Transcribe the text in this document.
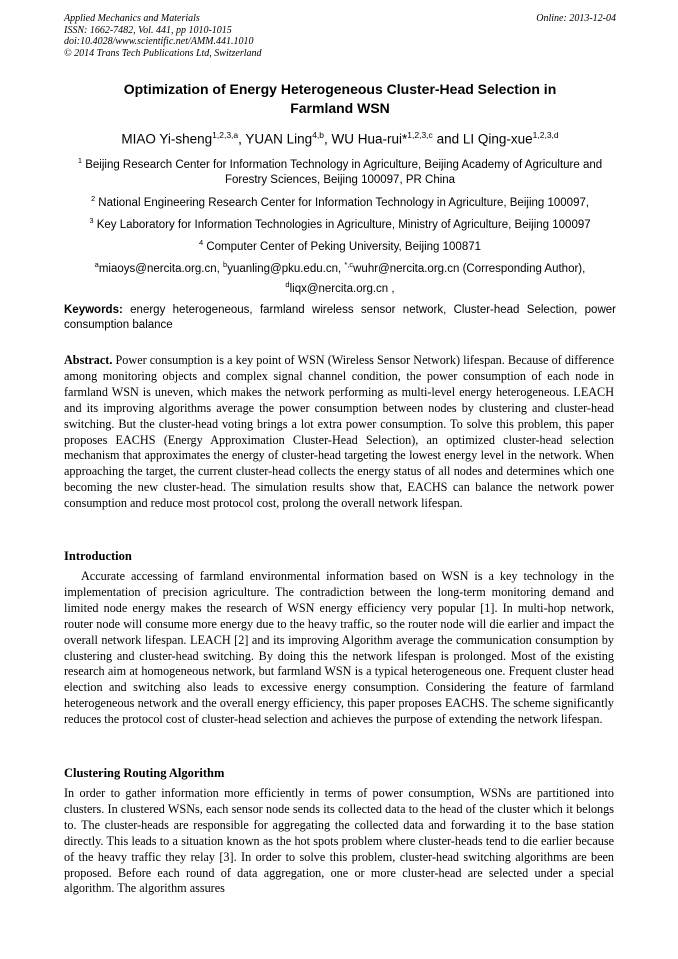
Applied Mechanics and Materials
ISSN: 1662-7482, Vol. 441, pp 1010-1015
doi:10.4028/www.scientific.net/AMM.441.1010
© 2014 Trans Tech Publications Ltd, Switzerland
Online: 2013-12-04
Optimization of Energy Heterogeneous Cluster-Head Selection in
Farmland WSN
MIAO Yi-sheng$^{1,2,3,a}$, YUAN Ling$^{4,b}$, WU Hua-rui*$^{1,2,3,c}$ and LI Qing-xue$^{1,2,3,d}$
$^1$ Beijing Research Center for Information Technology in Agriculture, Beijing Academy of Agriculture and Forestry Sciences, Beijing 100097, PR China
$^2$ National Engineering Research Center for Information Technology in Agriculture, Beijing 100097,
$^3$ Key Laboratory for Information Technologies in Agriculture, Ministry of Agriculture, Beijing 100097
$^4$ Computer Center of Peking University, Beijing 100871
$^a$miaoys@nercita.org.cn, $^b$yuanling@pku.edu.cn, $^{*,c}$wuhr@nercita.org.cn (Corresponding Author),
$^d$liqx@nercita.org.cn ,
Keywords: energy heterogeneous, farmland wireless sensor network, Cluster-head Selection, power consumption balance

Abstract. Power consumption is a key point of WSN (Wireless Sensor Network) lifespan. Because of difference among monitoring objects and complex signal channel condition, the power consumption of each node in farmland WSN is uneven, which makes the network performing as multi-level energy heterogeneous. LEACH and its improving algorithms average the power consumption between nodes by clustering and cluster-head switching. But the cluster-head voting brings a lot extra power consumption. To solve this problem, this paper proposes EACHS (Energy Approximation Cluster-Head Selection), an optimized cluster-head selection mechanism that approximates the energy of cluster-head targeting the lowest energy level in the network. When approaching the target, the current cluster-head collects the energy status of all nodes and determines which one becoming the new cluster-head. The simulation results show that, EACHS can balance the network power consumption and reduce most protocol cost, prolong the overall network lifespan.

Introduction

Accurate accessing of farmland environmental information based on WSN is a key technology in the implementation of precision agriculture. The contradiction between the long-term monitoring demand and limited node energy makes the research of WSN energy efficiency very popular [1]. In multi-hop network, router node will consume more energy due to the heavy traffic, so the router node will die earlier and impact the overall network lifespan. LEACH [2] and its improving Algorithm average the communication consumption by clustering and cluster-head switching. By doing this the network lifespan is prolonged. Most of the existing research aim at homogeneous network, but farmland WSN is a typical heterogeneous one. Frequent cluster head election and switching also leads to excessive energy consumption. Considering the feature of farmland heterogeneous network and the overall energy efficiency, this paper proposes EACHS. The scheme significantly reduces the protocol cost of cluster-head selection and achieves the purpose of extending the network lifespan.

Clustering Routing Algorithm

In order to gather information more efficiently in terms of power consumption, WSNs are partitioned into clusters. In clustered WSNs, each sensor node sends its collected data to the head of the cluster which it belongs to. The cluster-heads are responsible for aggregating the collected data and forwarding it to the base station directly. This leads to a situation known as the hot spots problem where cluster-heads tend to die earlier because of the heavy traffic they relay [3]. In order to solve this problem, cluster-head switching algorithms are been proposed. Before each round of data aggregation, one or more cluster-head are selected under a special algorithm. The algorithm assures
